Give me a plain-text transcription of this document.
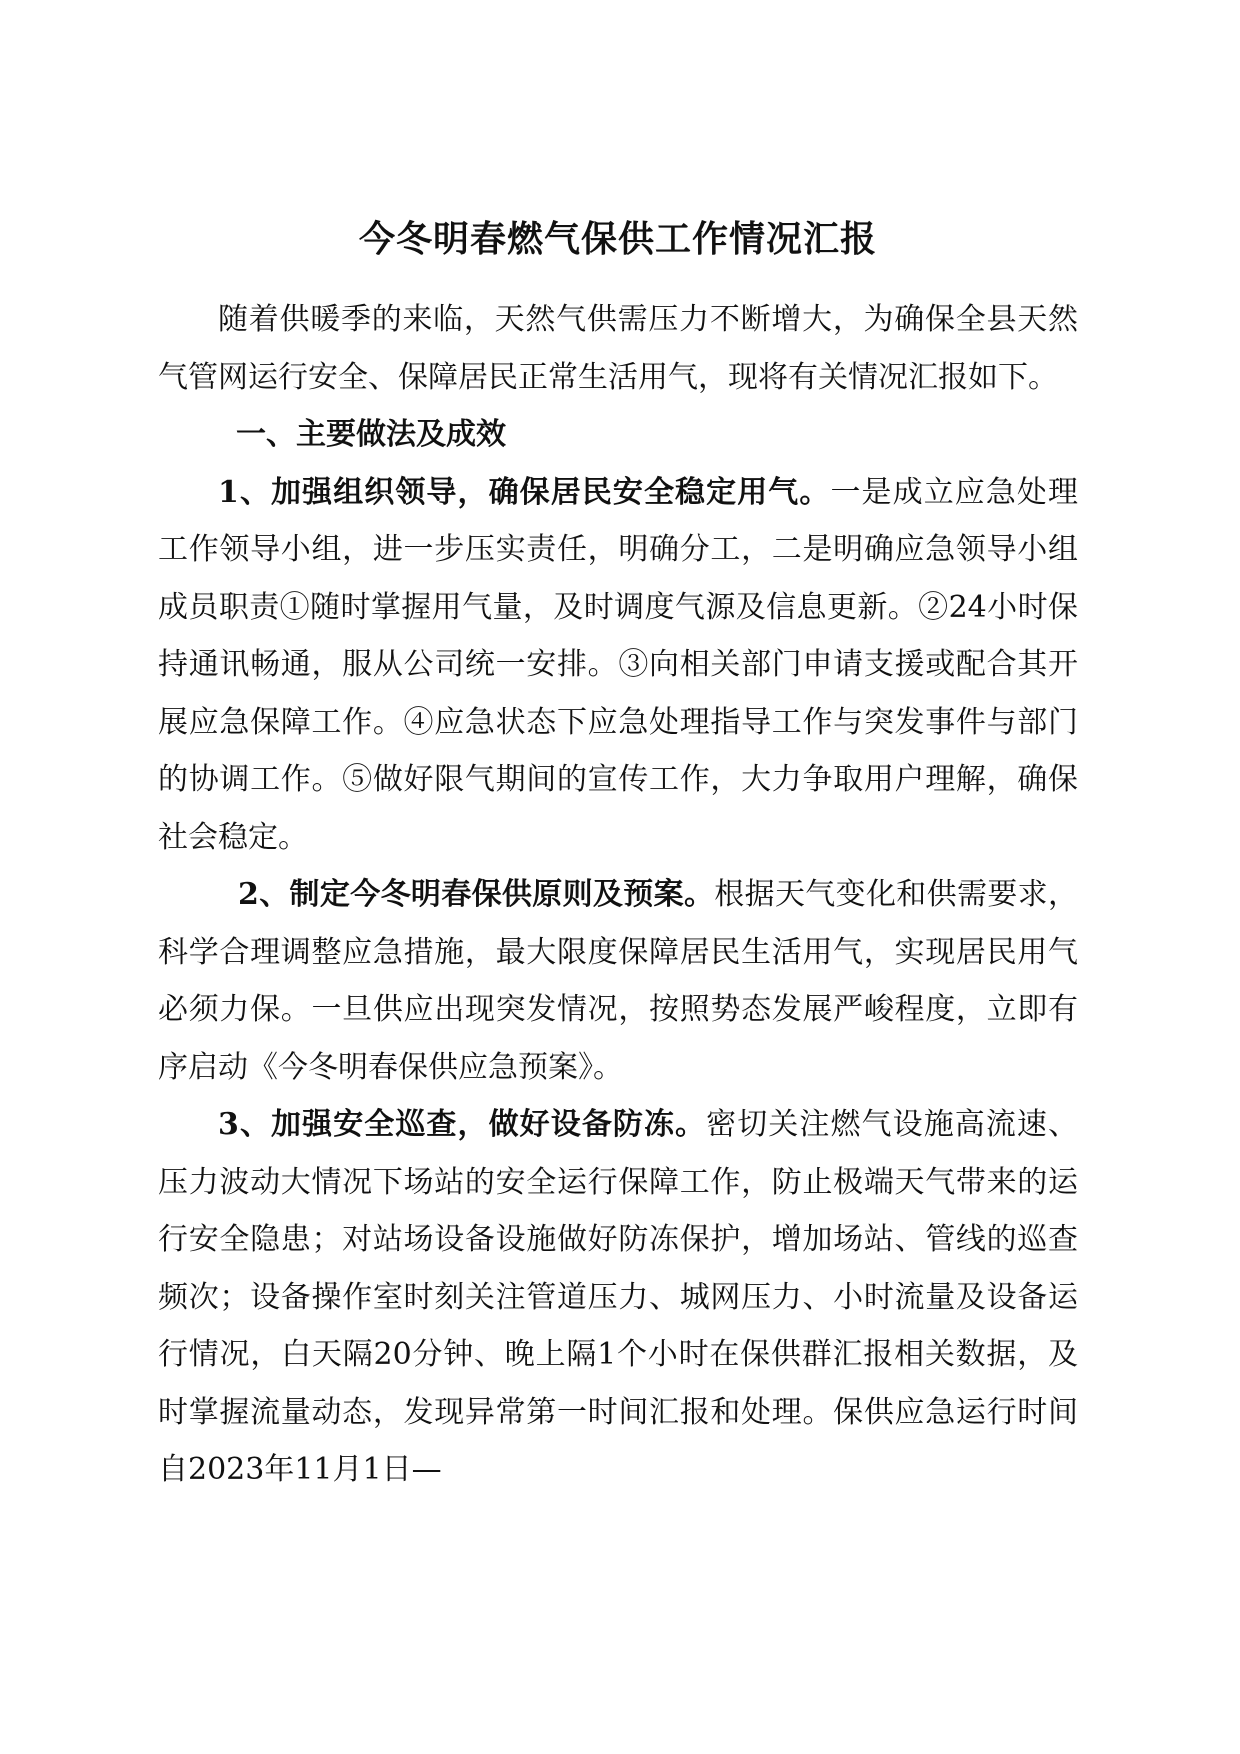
今冬明春燃气保供工作情况汇报

随着供暖季的来临，天然气供需压力不断增大，为确保全县天然气管网运行安全、保障居民正常生活用气，现将有关情况汇报如下。

一、主要做法及成效

1、加强组织领导，确保居民安全稳定用气。一是成立应急处理工作领导小组，进一步压实责任，明确分工，二是明确应急领导小组成员职责①随时掌握用气量，及时调度气源及信息更新。②24小时保持通讯畅通，服从公司统一安排。③向相关部门申请支援或配合其开展应急保障工作。④应急状态下应急处理指导工作与突发事件与部门的协调工作。⑤做好限气期间的宣传工作，大力争取用户理解，确保社会稳定。

2、制定今冬明春保供原则及预案。根据天气变化和供需要求，科学合理调整应急措施，最大限度保障居民生活用气，实现居民用气必须力保。一旦供应出现突发情况，按照势态发展严峻程度，立即有序启动《今冬明春保供应急预案》。

3、加强安全巡查，做好设备防冻。密切关注燃气设施高流速、压力波动大情况下场站的安全运行保障工作，防止极端天气带来的运行安全隐患；对站场设备设施做好防冻保护，增加场站、管线的巡查频次；设备操作室时刻关注管道压力、城网压力、小时流量及设备运行情况，白天隔20分钟、晚上隔1个小时在保供群汇报相关数据，及时掌握流量动态，发现异常第一时间汇报和处理。保供应急运行时间自2023年11月1日—
